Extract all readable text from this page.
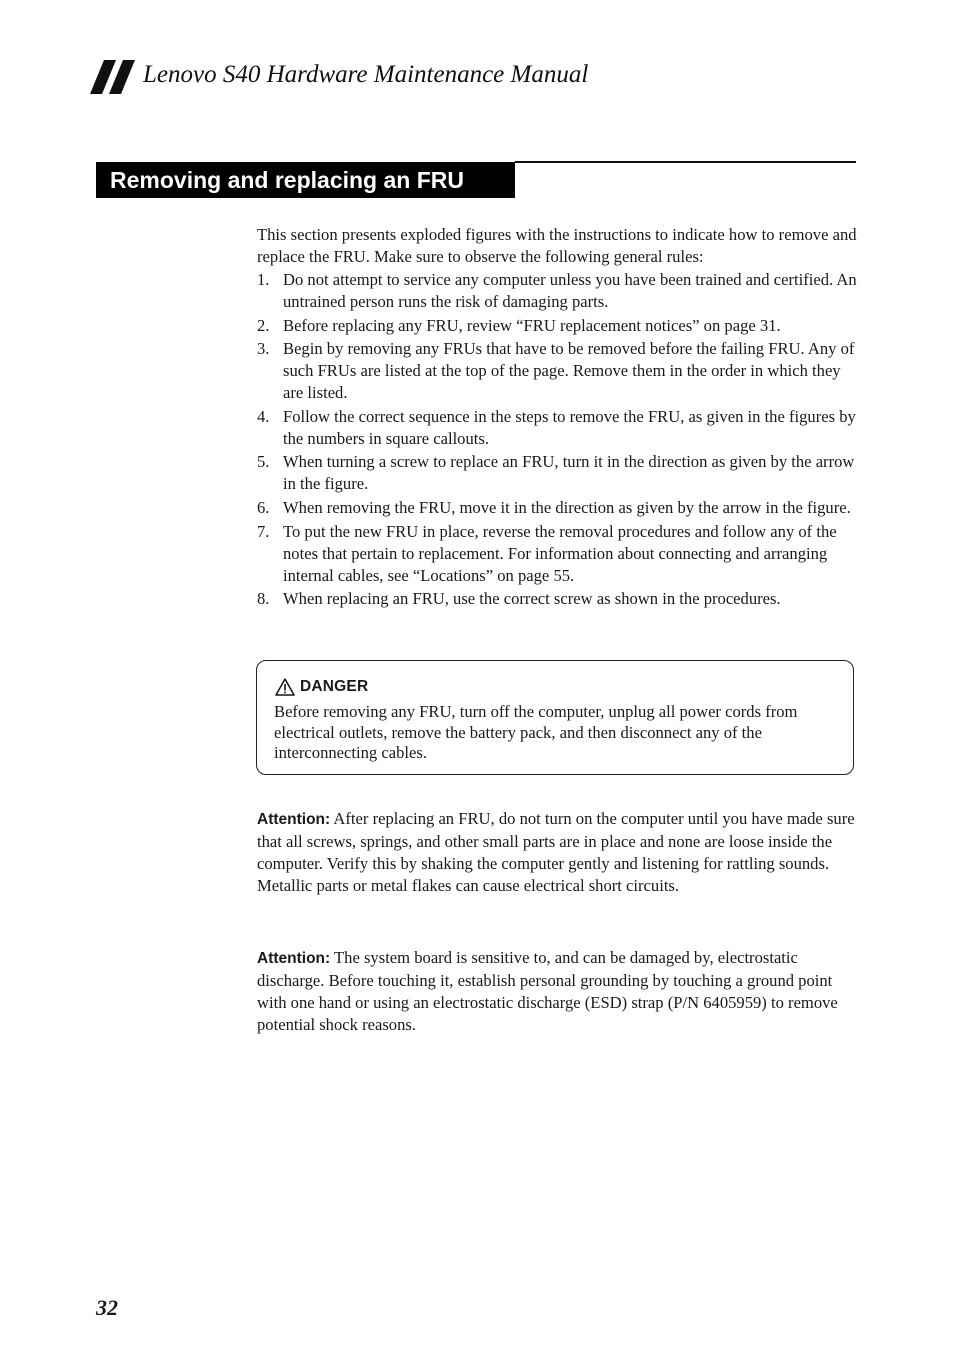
Lenovo S40 Hardware Maintenance Manual
Removing and replacing an FRU

This section presents exploded figures with the instructions to indicate how to remove and replace the FRU. Make sure to observe the following general rules:

1. Do not attempt to service any computer unless you have been trained and certified. An untrained person runs the risk of damaging parts.
2. Before replacing any FRU, review “FRU replacement notices” on page 31.
3. Begin by removing any FRUs that have to be removed before the failing FRU. Any of such FRUs are listed at the top of the page. Remove them in the order in which they are listed.
4. Follow the correct sequence in the steps to remove the FRU, as given in the figures by the numbers in square callouts.
5. When turning a screw to replace an FRU, turn it in the direction as given by the arrow in the figure.
6. When removing the FRU, move it in the direction as given by the arrow in the figure.
7. To put the new FRU in place, reverse the removal procedures and follow any of the notes that pertain to replacement. For information about connecting and arranging internal cables, see “Locations” on page 55.
8. When replacing an FRU, use the correct screw as shown in the procedures.
DANGER

Before removing any FRU, turn off the computer, unplug all power cords from electrical outlets, remove the battery pack, and then disconnect any of the interconnecting cables.

Attention: After replacing an FRU, do not turn on the computer until you have made sure that all screws, springs, and other small parts are in place and none are loose inside the computer. Verify this by shaking the computer gently and listening for rattling sounds. Metallic parts or metal flakes can cause electrical short circuits.

Attention: The system board is sensitive to, and can be damaged by, electrostatic discharge. Before touching it, establish personal grounding by touching a ground point with one hand or using an electrostatic discharge (ESD) strap (P/N 6405959) to remove potential shock reasons.

32
